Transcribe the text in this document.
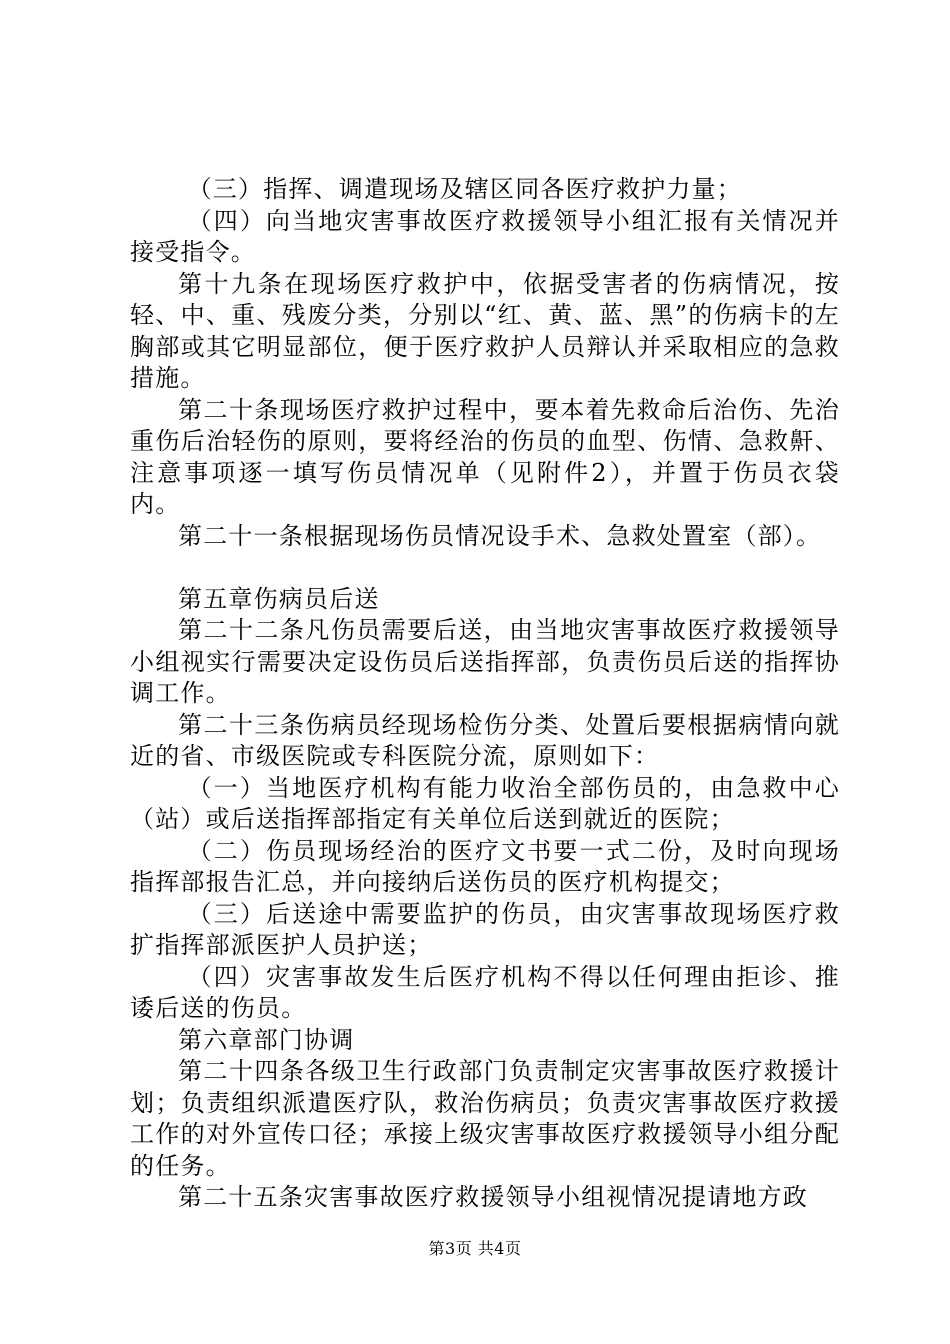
（三）指挥、调遣现场及辖区同各医疗救护力量；

（四）向当地灾害事故医疗救援领导小组汇报有关情况并接受指令。

第十九条在现场医疗救护中，依据受害者的伤病情况，按轻、中、重、残废分类，分别以“红、黄、蓝、黑”的伤病卡的左胸部或其它明显部位，便于医疗救护人员辩认并采取相应的急救措施。

第二十条现场医疗救护过程中，要本着先救命后治伤、先治重伤后治轻伤的原则，要将经治的伤员的血型、伤情、急救鼾、注意事项逐一填写伤员情况单（见附件2），并置于伤员衣袋内。

第二十一条根据现场伤员情况设手术、急救处置室（部）。

第五章伤病员后送

第二十二条凡伤员需要后送，由当地灾害事故医疗救援领导小组视实行需要决定设伤员后送指挥部，负责伤员后送的指挥协调工作。

第二十三条伤病员经现场检伤分类、处置后要根据病情向就近的省、市级医院或专科医院分流，原则如下：

（一）当地医疗机构有能力收治全部伤员的，由急救中心（站）或后送指挥部指定有关单位后送到就近的医院；

（二）伤员现场经治的医疗文书要一式二份，及时向现场指挥部报告汇总，并向接纳后送伤员的医疗机构提交；

（三）后送途中需要监护的伤员，由灾害事故现场医疗救扩指挥部派医护人员护送；

（四）灾害事故发生后医疗机构不得以任何理由拒诊、推诿后送的伤员。

第六章部门协调

第二十四条各级卫生行政部门负责制定灾害事故医疗救援计划；负责组织派遣医疗队，救治伤病员；负责灾害事故医疗救援工作的对外宣传口径；承接上级灾害事故医疗救援领导小组分配的任务。

第二十五条灾害事故医疗救援领导小组视情况提请地方政

第3页 共4页
